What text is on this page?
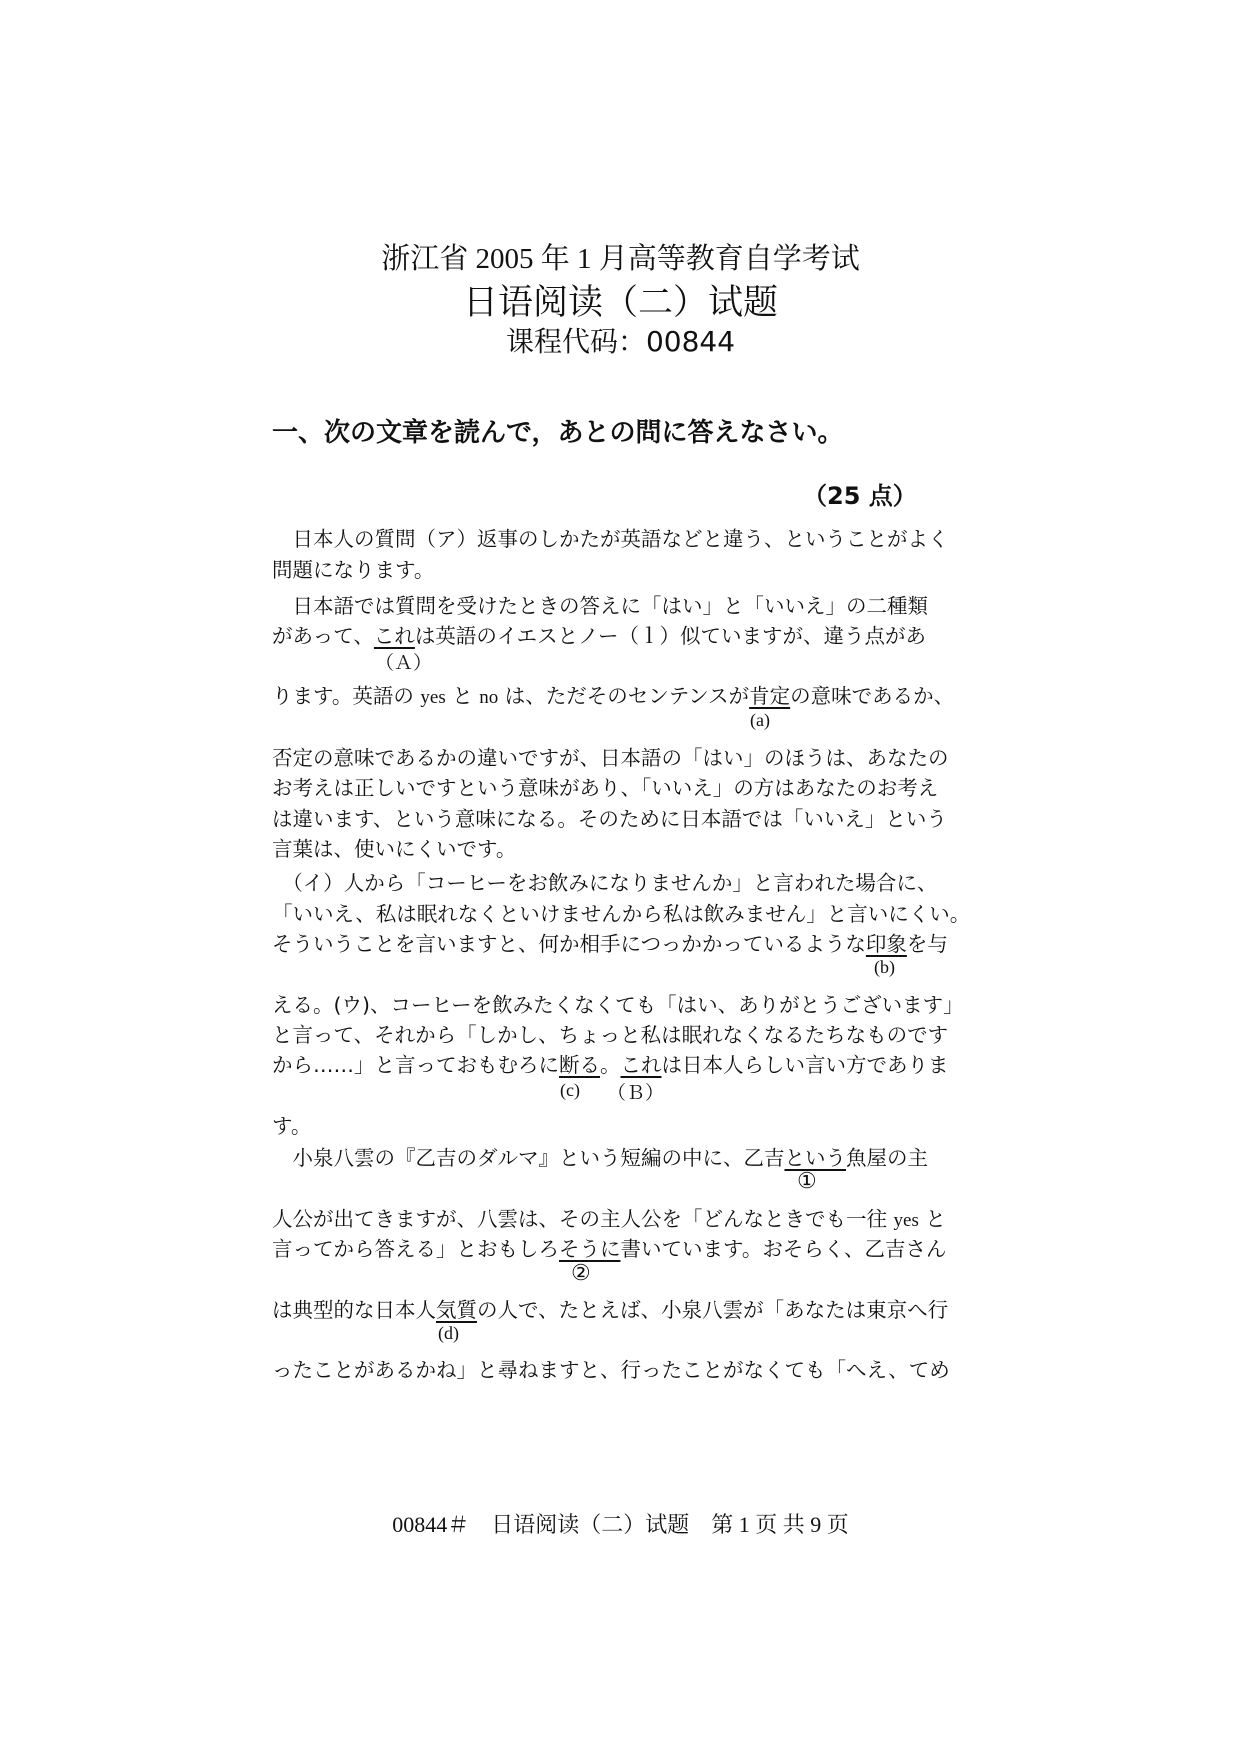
浙江省 2005 年 1 月高等教育自学考试
日语阅读（二）试题
课程代码：00844
一、次の文章を読んで，あとの問に答えなさい。
（25 点）
　日本人の質問（ア）返事のしかたが英語などと違う、ということがよく
問題になります。
　日本語では質問を受けたときの答えに「はい」と「いいえ」の二種類
があって、これは英語のイエスとノー（ｌ）似ていますが、違う点があ
（Ａ）
ります。英語の yes と no は、ただそのセンテンスが肯定の意味であるか、
(a)
否定の意味であるかの違いですが、日本語の「はい」のほうは、あなたの
お考えは正しいですという意味があり、「いいえ」の方はあなたのお考え
は違います、という意味になる。そのために日本語では「いいえ」という
言葉は、使いにくいです。
　（イ）人から「コーヒーをお飲みになりませんか」と言われた場合に、
「いいえ、私は眠れなくといけませんから私は飲みません」と言いにくい。
そういうことを言いますと、何か相手につっかかっているような印象を与
(b)
える。(ウ)、コーヒーを飲みたくなくても「はい、ありがとうございます」
と言って、それから「しかし、ちょっと私は眠れなくなるたちなものです
から……」と言っておもむろに断る。これは日本人らしい言い方でありま
(c) （Ｂ）
す。
　小泉八雲の『乙吉のダルマ』という短編の中に、乙吉という魚屋の主
①
人公が出てきますが、八雲は、その主人公を「どんなときでも一往 yes と
言ってから答える」とおもしろそうに書いています。おそらく、乙吉さん
②
は典型的な日本人気質の人で、たとえば、小泉八雲が「あなたは東京へ行
(d)
ったことがあるかね」と尋ねますと、行ったことがなくても「へえ、てめ
00844＃　日语阅读（二）试题　第 1 页 共 9 页
